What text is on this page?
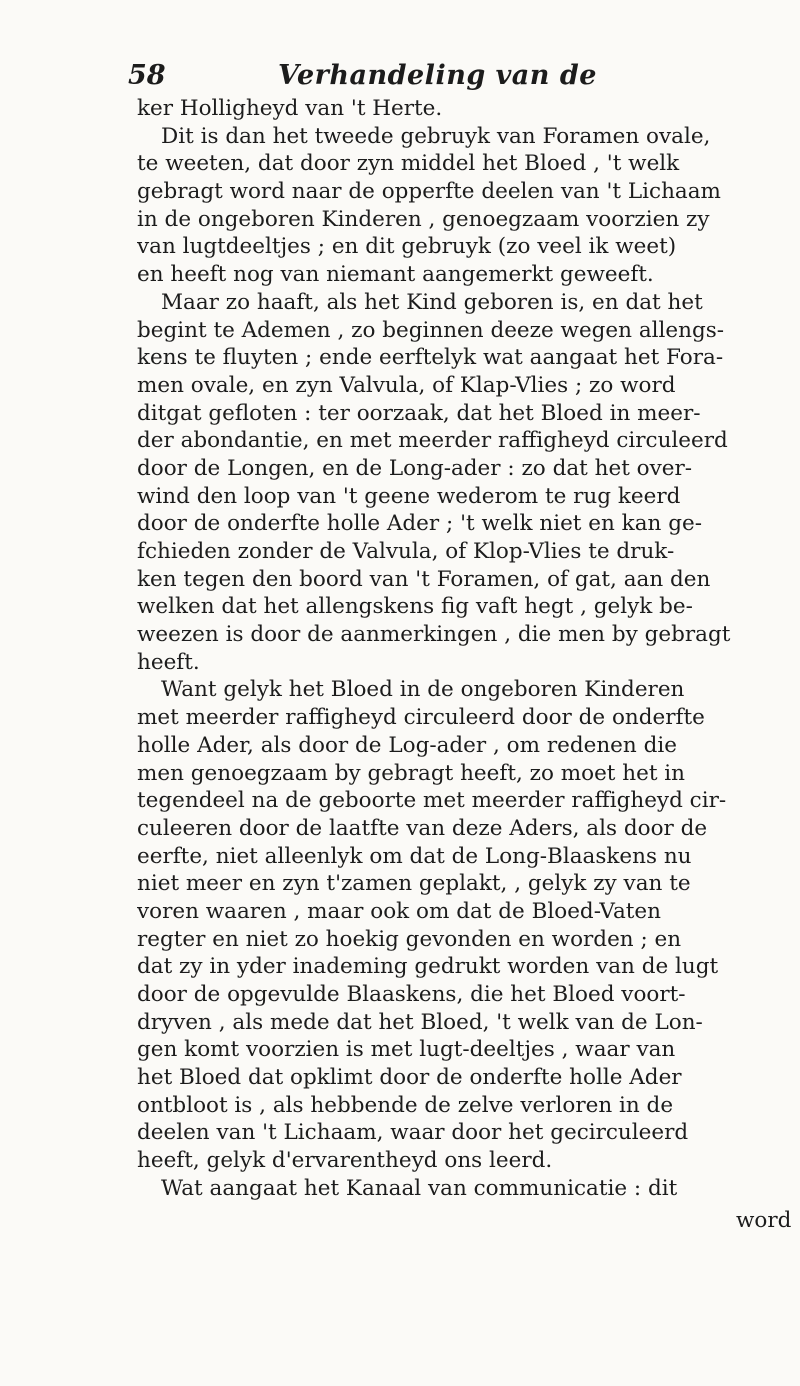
58	Verhandeling van de
ker Holligheyd van 't Herte.
Dit is dan het tweede gebruyk van Foramen ovale,
te weeten, dat door zyn middel het Bloed , 't welk
gebragt word naar de opperfte deelen van 't Lichaam
in de ongeboren Kinderen , genoegzaam voorzien zy
van lugtdeeltjes ; en dit gebruyk (zo veel ik weet)
en heeft nog van niemant aangemerkt geweeft.
Maar zo haaft, als het Kind geboren is, en dat het
begint te Ademen , zo beginnen deeze wegen allengs-
kens te fluyten ; ende eerftelyk wat aangaat het Fora-
men ovale, en zyn Valvula, of Klap-Vlies ; zo word
ditgat gefloten : ter oorzaak, dat het Bloed in meer-
der abondantie, en met meerder raffigheyd circuleerd
door de Longen, en de Long-ader : zo dat het over-
wind den loop van 't geene wederom te rug keerd
door de onderfte holle Ader ; 't welk niet en kan ge-
fchieden zonder de Valvula, of Klop-Vlies te druk-
ken tegen den boord van 't Foramen, of gat, aan den
welken dat het allengskens fig vaft hegt , gelyk be-
weezen is door de aanmerkingen , die men by gebragt
heeft.
Want gelyk het Bloed in de ongeboren Kinderen
met meerder raffigheyd circuleerd door de onderfte
holle Ader, als door de Log-ader , om redenen die
men genoegzaam by gebragt heeft, zo moet het in
tegendeel na de geboorte met meerder raffigheyd cir-
culeeren door de laatfte van deze Aders, als door de
eerfte, niet alleenlyk om dat de Long-Blaaskens nu
niet meer en zyn t'zamen geplakt, , gelyk zy van te
voren waaren , maar ook om dat de Bloed-Vaten
regter en niet zo hoekig gevonden en worden ; en
dat zy in yder inademing gedrukt worden van de lugt
door de opgevulde Blaaskens, die het Bloed voort-
dryven , als mede dat het Bloed, 't welk van de Lon-
gen komt voorzien is met lugt-deeltjes , waar van
het Bloed dat opklimt door de onderfte holle Ader
ontbloot is , als hebbende de zelve verloren in de
deelen van 't Lichaam, waar door het gecirculeerd
heeft, gelyk d'ervarentheyd ons leerd.
Wat aangaat het Kanaal van communicatie : dit
word
